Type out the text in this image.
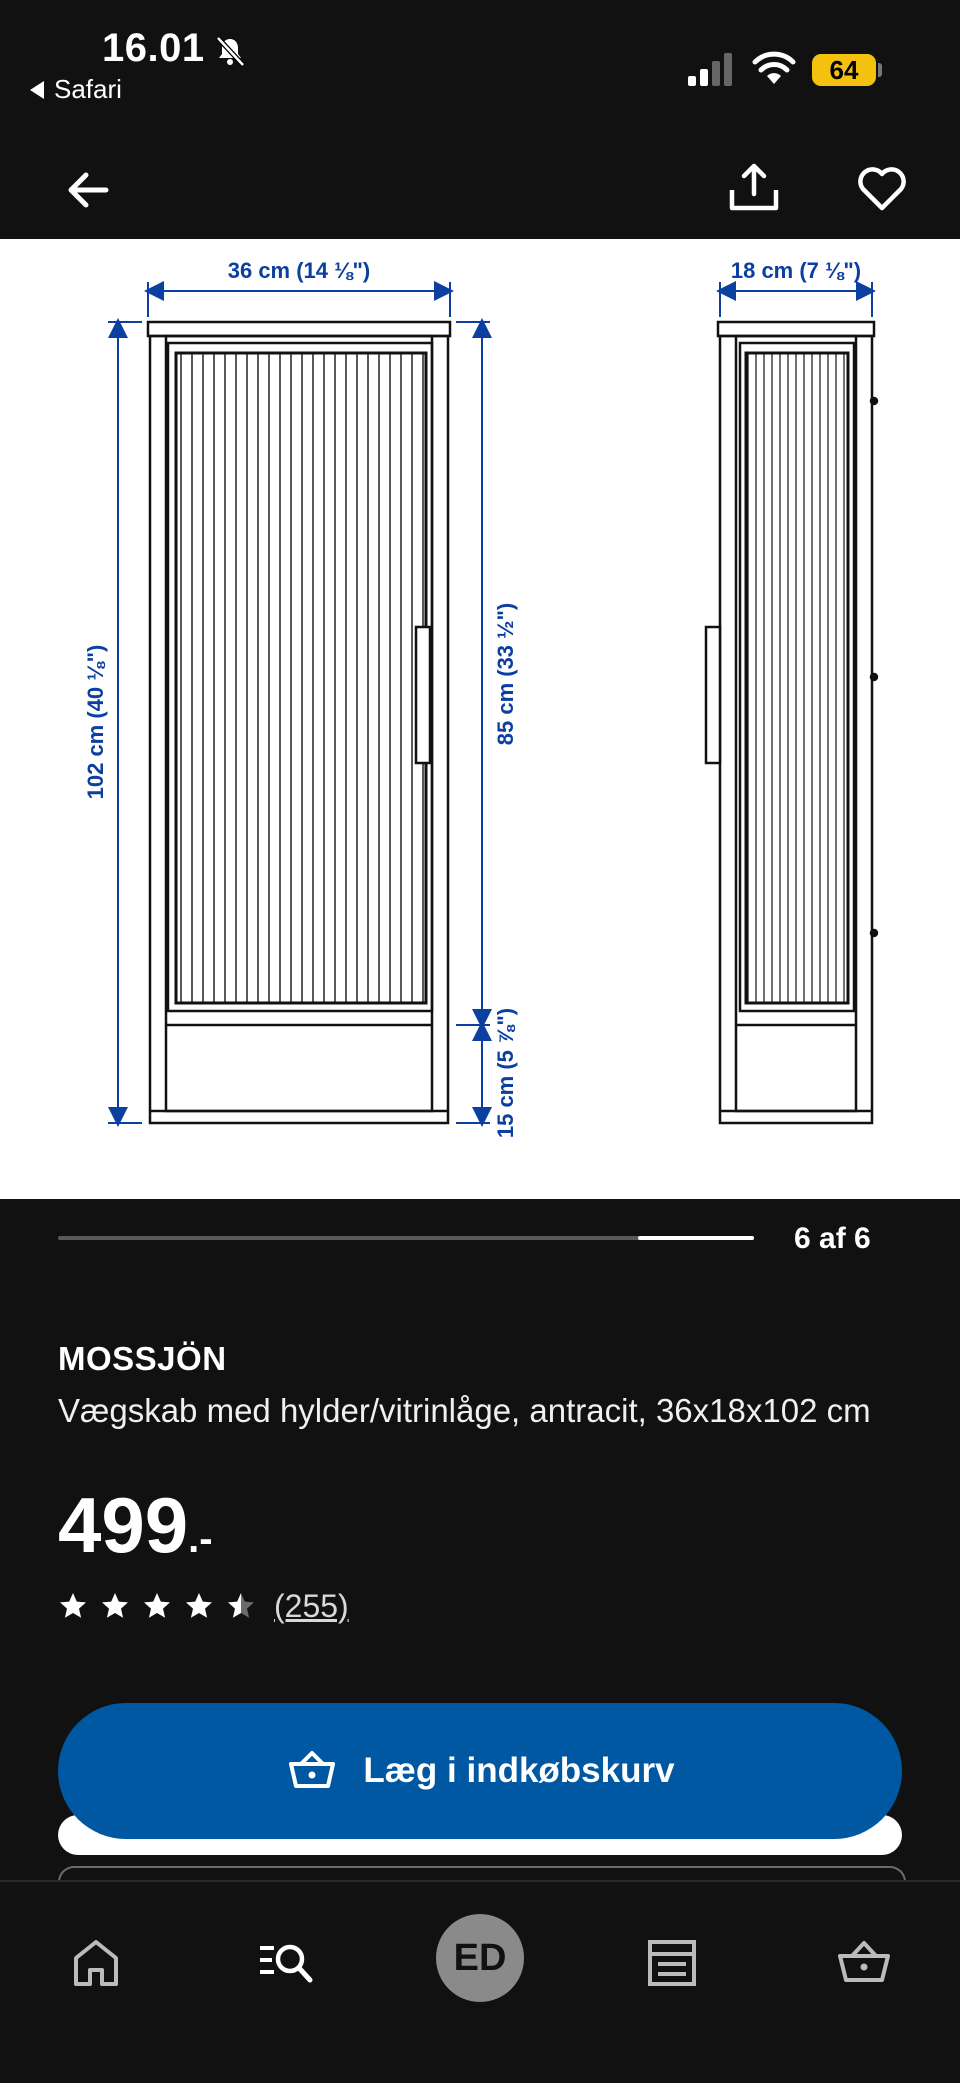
16.01
Safari
64
36 cm (14 ⅛")	18 cm (7 ⅛")
102 cm (40 ⅛")	85 cm (33 ½")
15 cm (5 ⅞")
6 af 6
MOSSJÖN
Vægskab med hylder/vitrinlåge, antracit, 36x18x102 cm
499.-
(255)
Læg i indkøbskurv
ED
